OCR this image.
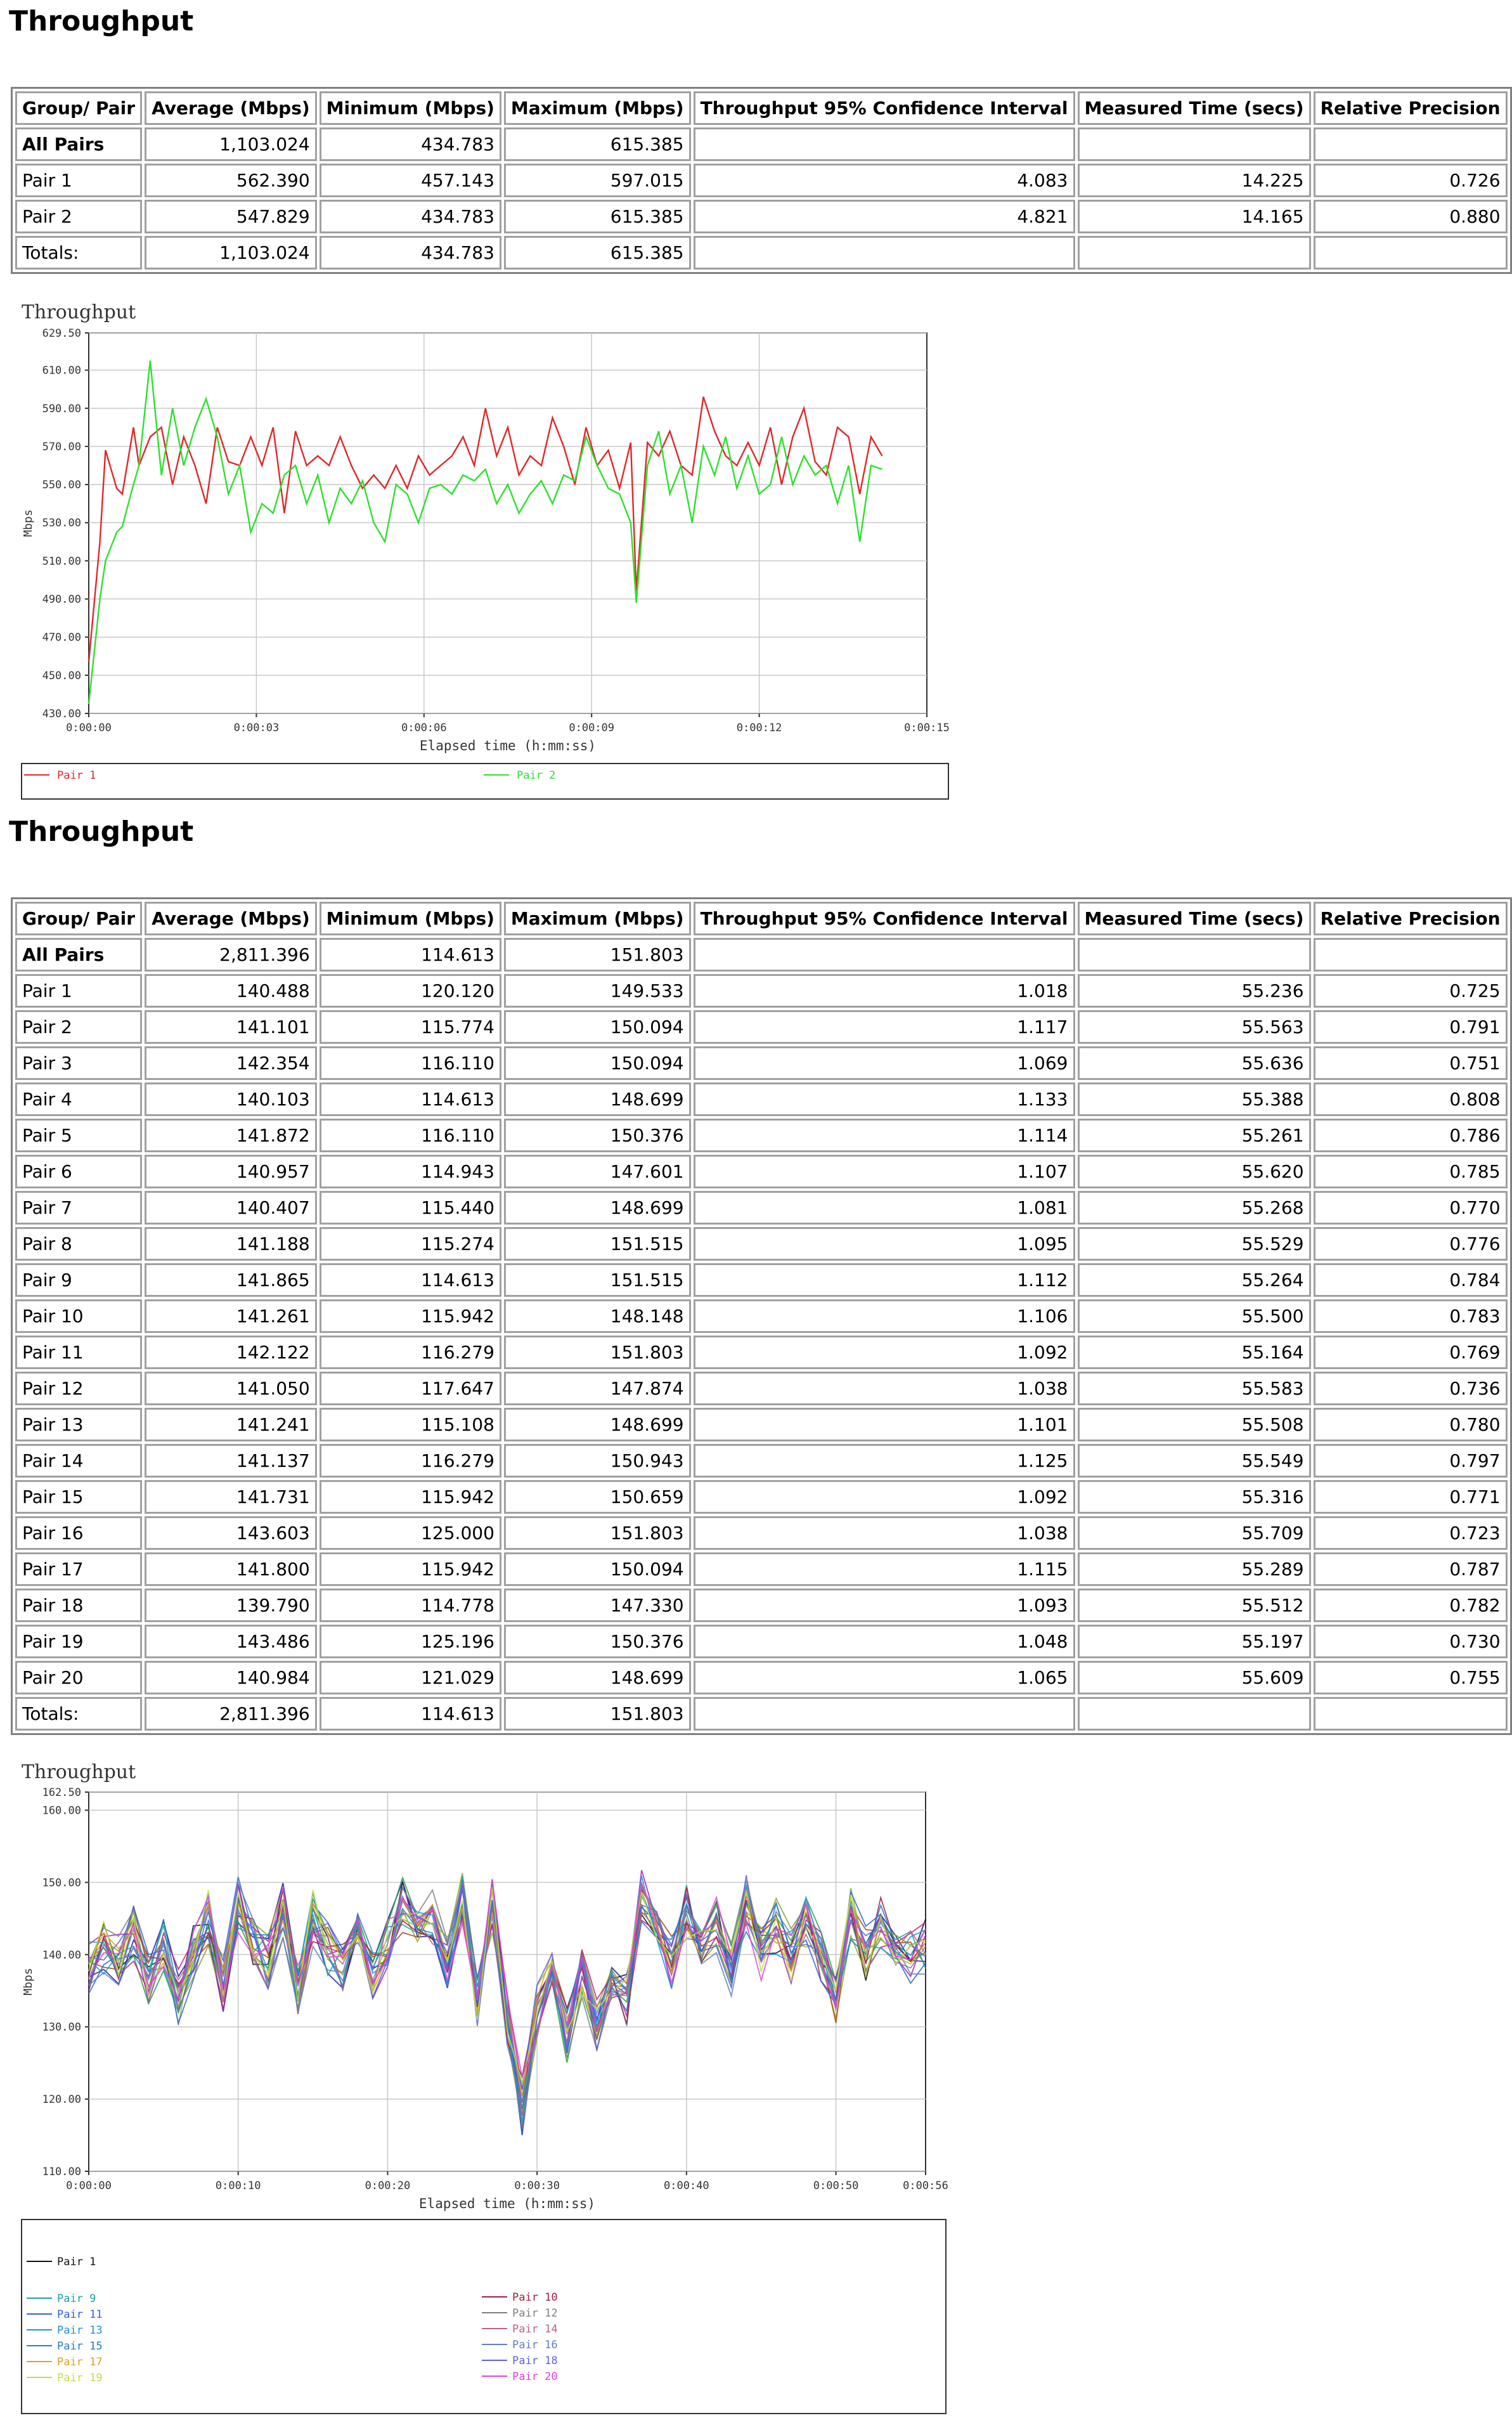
Throughput
Group/ Pair	Average (Mbps)	Minimum (Mbps)	Maximum (Mbps)	Throughput 95% Confidence Interval	Measured Time (secs)	Relative Precision
All Pairs	1,103.024	434.783	615.385			
Pair 1	562.390	457.143	597.015	4.083	14.225	0.726
Pair 2	547.829	434.783	615.385	4.821	14.165	0.880
Totals:	1,103.024	434.783	615.385			
Throughput
629.50
610.00
590.00
570.00
550.00
530.00
510.00
490.00
470.00
450.00
430.00
0:00:00	0:00:03	0:00:06	0:00:09	0:00:12	0:00:15
Elapsed time (h:mm:ss)
Mbps
Pair 1	Pair 2
Throughput
Group/ Pair	Average (Mbps)	Minimum (Mbps)	Maximum (Mbps)	Throughput 95% Confidence Interval	Measured Time (secs)	Relative Precision
All Pairs	2,811.396	114.613	151.803			
Pair 1	140.488	120.120	149.533	1.018	55.236	0.725
Pair 2	141.101	115.774	150.094	1.117	55.563	0.791
Pair 3	142.354	116.110	150.094	1.069	55.636	0.751
Pair 4	140.103	114.613	148.699	1.133	55.388	0.808
Pair 5	141.872	116.110	150.376	1.114	55.261	0.786
Pair 6	140.957	114.943	147.601	1.107	55.620	0.785
Pair 7	140.407	115.440	148.699	1.081	55.268	0.770
Pair 8	141.188	115.274	151.515	1.095	55.529	0.776
Pair 9	141.865	114.613	151.515	1.112	55.264	0.784
Pair 10	141.261	115.942	148.148	1.106	55.500	0.783
Pair 11	142.122	116.279	151.803	1.092	55.164	0.769
Pair 12	141.050	117.647	147.874	1.038	55.583	0.736
Pair 13	141.241	115.108	148.699	1.101	55.508	0.780
Pair 14	141.137	116.279	150.943	1.125	55.549	0.797
Pair 15	141.731	115.942	150.659	1.092	55.316	0.771
Pair 16	143.603	125.000	151.803	1.038	55.709	0.723
Pair 17	141.800	115.942	150.094	1.115	55.289	0.787
Pair 18	139.790	114.778	147.330	1.093	55.512	0.782
Pair 19	143.486	125.196	150.376	1.048	55.197	0.730
Pair 20	140.984	121.029	148.699	1.065	55.609	0.755
Totals:	2,811.396	114.613	151.803			
Throughput
162.50
160.00
150.00
140.00
130.00
120.00
110.00
0:00:00	0:00:10	0:00:20	0:00:30	0:00:40	0:00:50	0:00:56
Elapsed time (h:mm:ss)
Mbps
Pair 1
Pair 9
Pair 11
Pair 13
Pair 15
Pair 17
Pair 19
Pair 10
Pair 12
Pair 14
Pair 16
Pair 18
Pair 20
